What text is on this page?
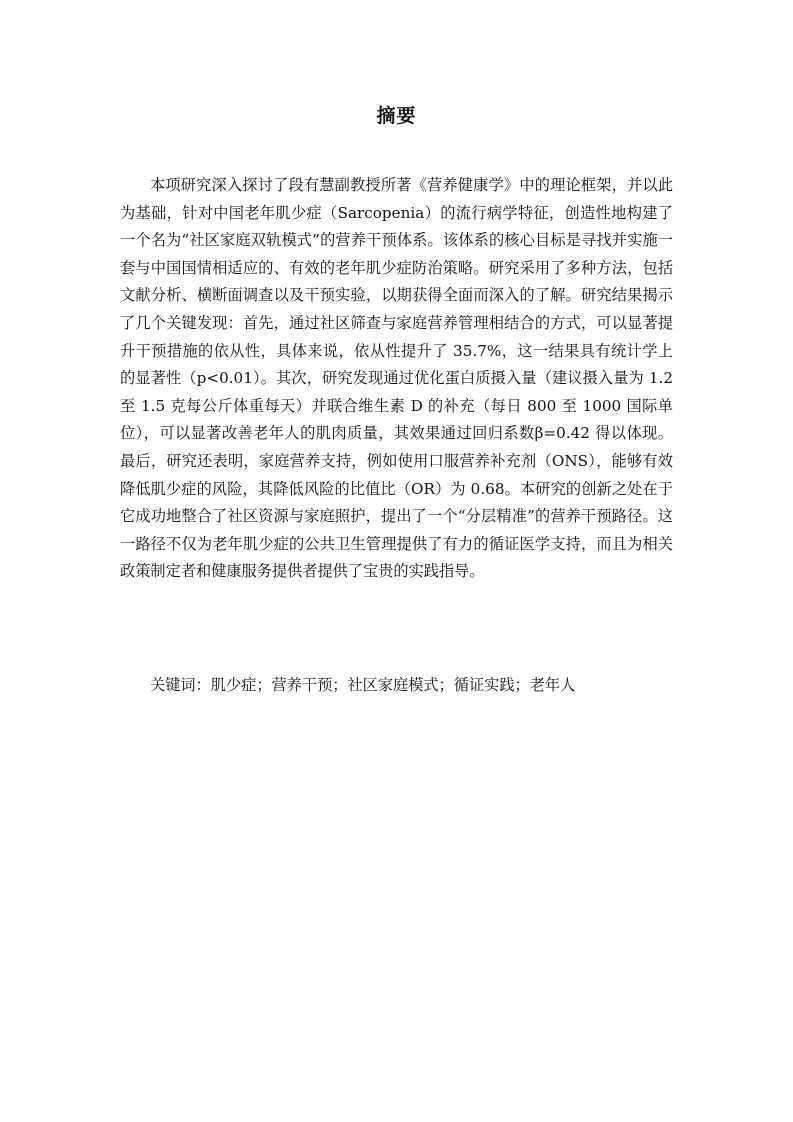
摘要

本项研究深入探讨了段有慧副教授所著《营养健康学》中的理论框架，并以此为基础，针对中国老年肌少症（Sarcopenia）的流行病学特征，创造性地构建了一个名为“社区家庭双轨模式”的营养干预体系。该体系的核心目标是寻找并实施一套与中国国情相适应的、有效的老年肌少症防治策略。研究采用了多种方法，包括文献分析、横断面调查以及干预实验，以期获得全面而深入的了解。研究结果揭示了几个关键发现：首先，通过社区筛查与家庭营养管理相结合的方式，可以显著提升干预措施的依从性，具体来说，依从性提升了 35.7%，这一结果具有统计学上的显著性（p<0.01）。其次，研究发现通过优化蛋白质摄入量（建议摄入量为 1.2 至 1.5 克每公斤体重每天）并联合维生素 D 的补充（每日 800 至 1000 国际单位），可以显著改善老年人的肌肉质量，其效果通过回归系数β=0.42 得以体现。最后，研究还表明，家庭营养支持，例如使用口服营养补充剂（ONS），能够有效降低肌少症的风险，其降低风险的比值比（OR）为 0.68。本研究的创新之处在于它成功地整合了社区资源与家庭照护，提出了一个“分层精准”的营养干预路径。这一路径不仅为老年肌少症的公共卫生管理提供了有力的循证医学支持，而且为相关政策制定者和健康服务提供者提供了宝贵的实践指导。

关键词：肌少症；营养干预；社区家庭模式；循证实践；老年人
